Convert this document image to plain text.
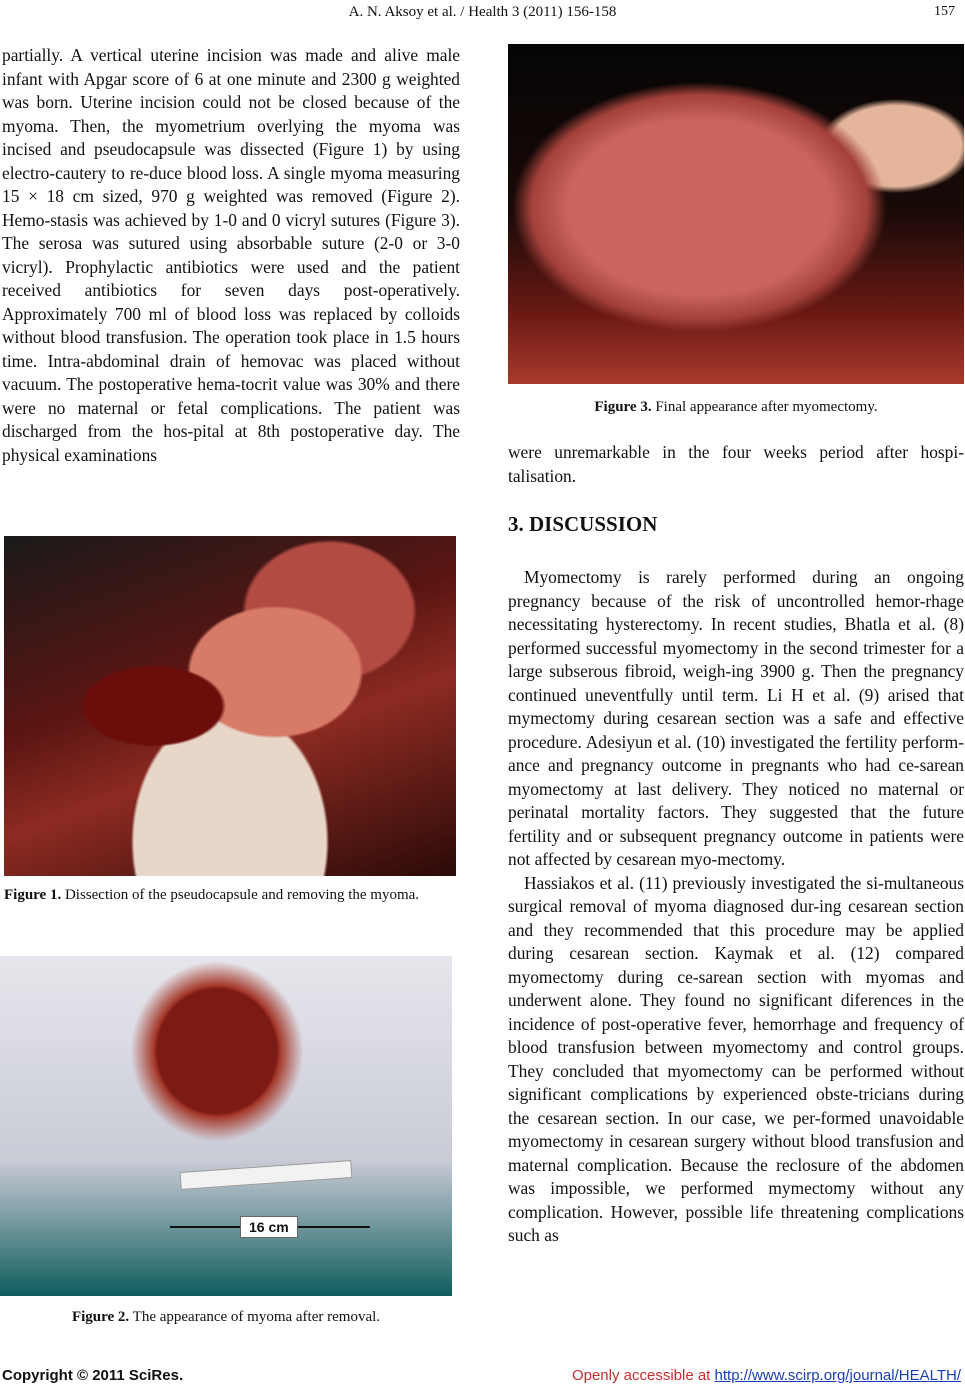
A. N. Aksoy et al. / Health 3 (2011) 156-158	157

partially. A vertical uterine incision was made and alive male infant with Apgar score of 6 at one minute and 2300 g weighted was born. Uterine incision could not be closed because of the myoma. Then, the myometrium overlying the myoma was incised and pseudocapsule was dissected (Figure 1) by using electro-cautery to re-duce blood loss. A single myoma measuring 15 × 18 cm sized, 970 g weighted was removed (Figure 2). Hemo-stasis was achieved by 1-0 and 0 vicryl sutures (Figure 3). The serosa was sutured using absorbable suture (2-0 or 3-0 vicryl). Prophylactic antibiotics were used and the patient received antibiotics for seven days post-operatively. Approximately 700 ml of blood loss was replaced by colloids without blood transfusion. The operation took place in 1.5 hours time. Intra-abdominal drain of hemovac was placed without vacuum. The postoperative hema-tocrit value was 30% and there were no maternal or fetal complications. The patient was discharged from the hos-pital at 8th postoperative day. The physical examinations

Figure 1. Dissection of the pseudocapsule and removing the myoma.
16 cm
Figure 2. The appearance of myoma after removal.
Figure 3. Final appearance after myomectomy.

were unremarkable in the four weeks period after hospi-talisation.

3. DISCUSSION

Myomectomy is rarely performed during an ongoing pregnancy because of the risk of uncontrolled hemor-rhage necessitating hysterectomy. In recent studies, Bhatla et al. (8) performed successful myomectomy in the second trimester for a large subserous fibroid, weigh-ing 3900 g. Then the pregnancy continued uneventfully until term. Li H et al. (9) arised that mymectomy during cesarean section was a safe and effective procedure. Adesiyun et al. (10) investigated the fertility perform-ance and pregnancy outcome in pregnants who had ce-sarean myomectomy at last delivery. They noticed no maternal or perinatal mortality factors. They suggested that the future fertility and or subsequent pregnancy outcome in patients were not affected by cesarean myo-mectomy.

Hassiakos et al. (11) previously investigated the si-multaneous surgical removal of myoma diagnosed dur-ing cesarean section and they recommended that this procedure may be applied during cesarean section. Kaymak et al. (12) compared myomectomy during ce-sarean section with myomas and underwent alone. They found no significant diferences in the incidence of post-operative fever, hemorrhage and frequency of blood transfusion between myomectomy and control groups. They concluded that myomectomy can be performed without significant complications by experienced obste-tricians during the cesarean section. In our case, we per-formed unavoidable myomectomy in cesarean surgery without blood transfusion and maternal complication. Because the reclosure of the abdomen was impossible, we performed mymectomy without any complication. However, possible life threatening complications such as

Copyright © 2011 SciRes.	Openly accessible at http://www.scirp.org/journal/HEALTH/
